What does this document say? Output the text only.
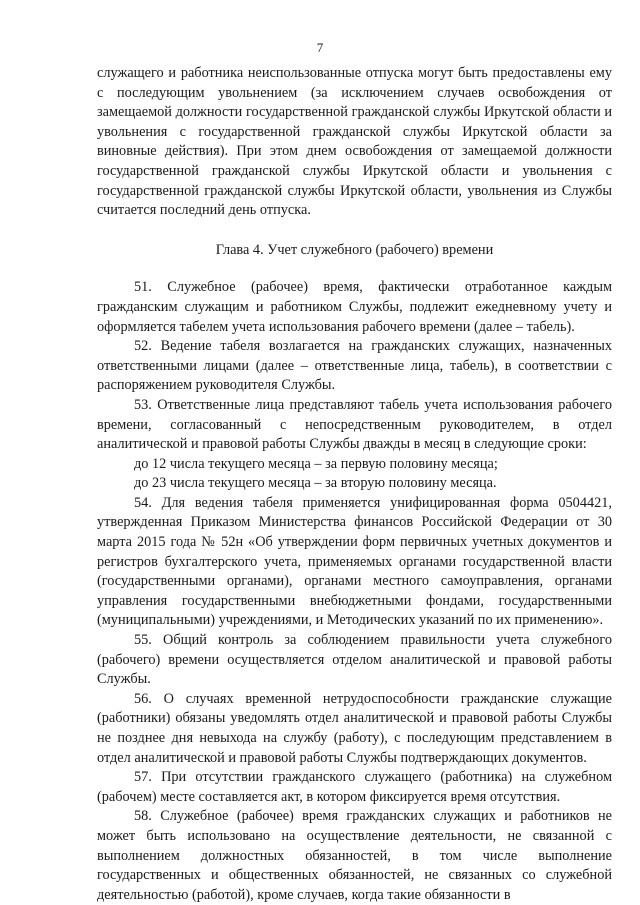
7

служащего и работника неиспользованные отпуска могут быть предоставлены ему с последующим увольнением (за исключением случаев освобождения от замещаемой должности государственной гражданской службы Иркутской области и увольнения с государственной гражданской службы Иркутской области за виновные действия). При этом днем освобождения от замещаемой должности государственной гражданской службы Иркутской области и увольнения с государственной гражданской службы Иркутской области, увольнения из Службы считается последний день отпуска.

Глава 4. Учет служебного (рабочего) времени

51. Служебное (рабочее) время, фактически отработанное каждым гражданским служащим и работником Службы, подлежит ежедневному учету и оформляется табелем учета использования рабочего времени (далее – табель).

52. Ведение табеля возлагается на гражданских служащих, назначенных ответственными лицами (далее – ответственные лица, табель), в соответствии с распоряжением руководителя Службы.

53. Ответственные лица представляют табель учета использования рабочего времени, согласованный с непосредственным руководителем, в отдел аналитической и правовой работы Службы дважды в месяц в следующие сроки:

до 12 числа текущего месяца – за первую половину месяца;

до 23 числа текущего месяца – за вторую половину месяца.

54. Для ведения табеля применяется унифицированная форма 0504421, утвержденная Приказом Министерства финансов Российской Федерации от 30 марта 2015 года № 52н «Об утверждении форм первичных учетных документов и регистров бухгалтерского учета, применяемых органами государственной власти (государственными органами), органами местного самоуправления, органами управления государственными внебюджетными фондами, государственными (муниципальными) учреждениями, и Методических указаний по их применению».

55. Общий контроль за соблюдением правильности учета служебного (рабочего) времени осуществляется отделом аналитической и правовой работы Службы.

56. О случаях временной нетрудоспособности гражданские служащие (работники) обязаны уведомлять отдел аналитической и правовой работы Службы не позднее дня невыхода на службу (работу), с последующим представлением в отдел аналитической и правовой работы Службы подтверждающих документов.

57. При отсутствии гражданского служащего (работника) на служебном (рабочем) месте составляется акт, в котором фиксируется время отсутствия.

58. Служебное (рабочее) время гражданских служащих и работников не может быть использовано на осуществление деятельности, не связанной с выполнением должностных обязанностей, в том числе выполнение государственных и общественных обязанностей, не связанных со служебной деятельностью (работой), кроме случаев, когда такие обязанности в
